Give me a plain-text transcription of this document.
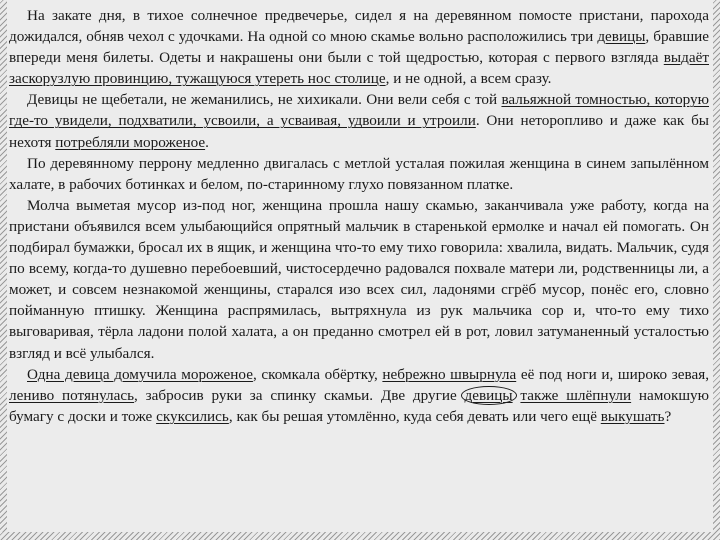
На закате дня, в тихое солнечное предвечерье, сидел я на деревянном помосте пристани, парохода дожидался, обняв чехол с удочками. На одной со мною скамье вольно расположились три девицы, бравшие впереди меня билеты. Одеты и накрашены они были с той щедростью, которая с первого взгляда выдаёт заскорузлую провинцию, тужащуюся утереть нос столице, и не одной, а всем сразу.

Девицы не щебетали, не жеманились, не хихикали. Они вели себя с той вальяжной томностью, которую где-то увидели, подхватили, усвоили, а усваивая, удвоили и утроили. Они неторопливо и даже как бы нехотя потребляли мороженое.

По деревянному перрону медленно двигалась с метлой усталая пожилая женщина в синем запылённом халате, в рабочих ботинках и белом, по-старинному глухо повязанном платке.

Молча выметая мусор из-под ног, женщина прошла нашу скамью, заканчивала уже работу, когда на пристани объявился всем улыбающийся опрятный мальчик в старенькой ермолке и начал ей помогать. Он подбирал бумажки, бросал их в ящик, и женщина что-то ему тихо говорила: хвалила, видать. Мальчик, судя по всему, когда-то душевно перебоевший, чистосердечно радовался похвале матери ли, родственницы ли, а может, и совсем незнакомой женщины, старался изо всех сил, ладонями сгрёб мусор, понёс его, словно пойманную птишку. Женщина распрямилась, вытряхнула из рук мальчика сор и, что-то ему тихо выговаривая, тёрла ладони полой халата, а он преданно смотрел ей в рот, ловил затуманенный усталостью взгляд и всё улыбался.

Одна девица домучила мороженое, скомкала обёртку, небрежно швырнула её под ноги и, широко зевая, лениво потянулась, забросив руки за спинку скамьи. Две другие девицы также шлёпнули намокшую бумагу с доски и тоже скуксились, как бы решая утомлённо, куда себя девать или чего ещё выкушать?
